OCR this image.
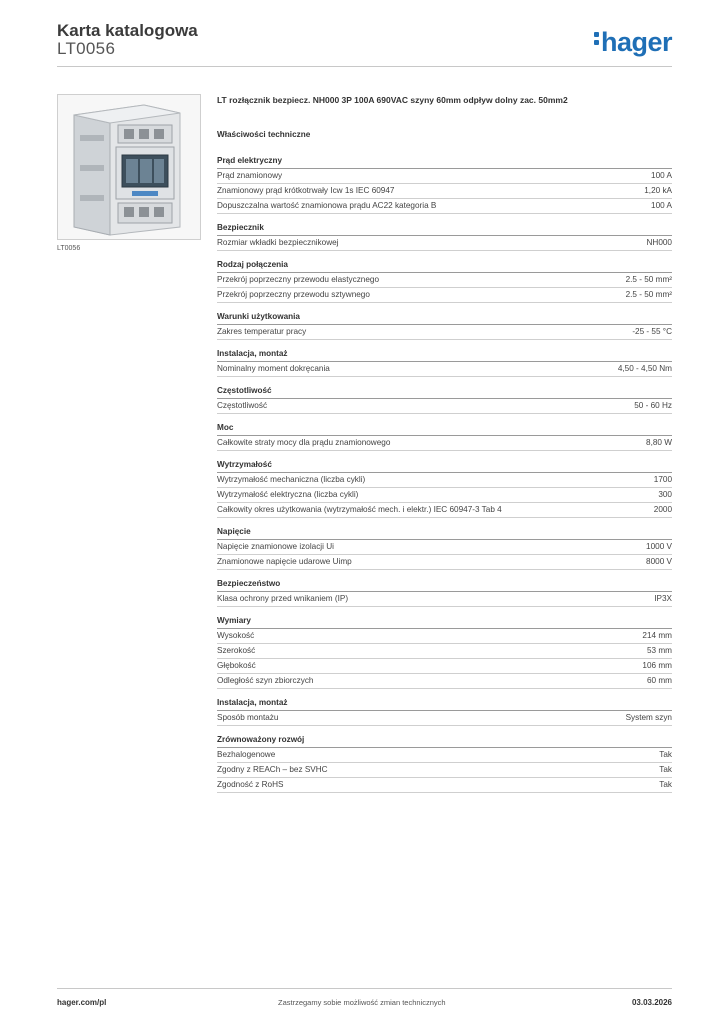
Karta katalogowa
LT0056	hager
LT0056
LT rozłącznik bezpiecz. NH000 3P 100A 690VAC szyny 60mm odpływ dolny zac. 50mm2
Właściwości techniczne
Prąd elektryczny
Prąd znamionowy	100 A
Znamionowy prąd krótkotrwały Icw 1s IEC 60947	1,20 kA
Dopuszczalna wartość znamionowa prądu AC22 kategoria B	100 A
Bezpiecznik
Rozmiar wkładki bezpiecznikowej	NH000
Rodzaj połączenia
Przekrój poprzeczny przewodu elastycznego	2.5 - 50 mm²
Przekrój poprzeczny przewodu sztywnego	2.5 - 50 mm²
Warunki użytkowania
Zakres temperatur pracy	-25 - 55 °C
Instalacja, montaż
Nominalny moment dokręcania	4,50 - 4,50 Nm
Częstotliwość
Częstotliwość	50 - 60 Hz
Moc
Całkowite straty mocy dla prądu znamionowego	8,80 W
Wytrzymałość
Wytrzymałość mechaniczna (liczba cykli)	1700
Wytrzymałość elektryczna (liczba cykli)	300
Całkowity okres użytkowania (wytrzymałość mech. i elektr.) IEC 60947-3 Tab 4	2000
Napięcie
Napięcie znamionowe izolacji Ui	1000 V
Znamionowe napięcie udarowe Uimp	8000 V
Bezpieczeństwo
Klasa ochrony przed wnikaniem (IP)	IP3X
Wymiary
Wysokość	214 mm
Szerokość	53 mm
Głębokość	106 mm
Odległość szyn zbiorczych	60 mm
Instalacja, montaż
Sposób montażu	System szyn
Zrównoważony rozwój
Bezhalogenowe	Tak
Zgodny z REACh – bez SVHC	Tak
Zgodność z RoHS	Tak
hager.com/pl	Zastrzegamy sobie możliwość zmian technicznych	03.03.2026
